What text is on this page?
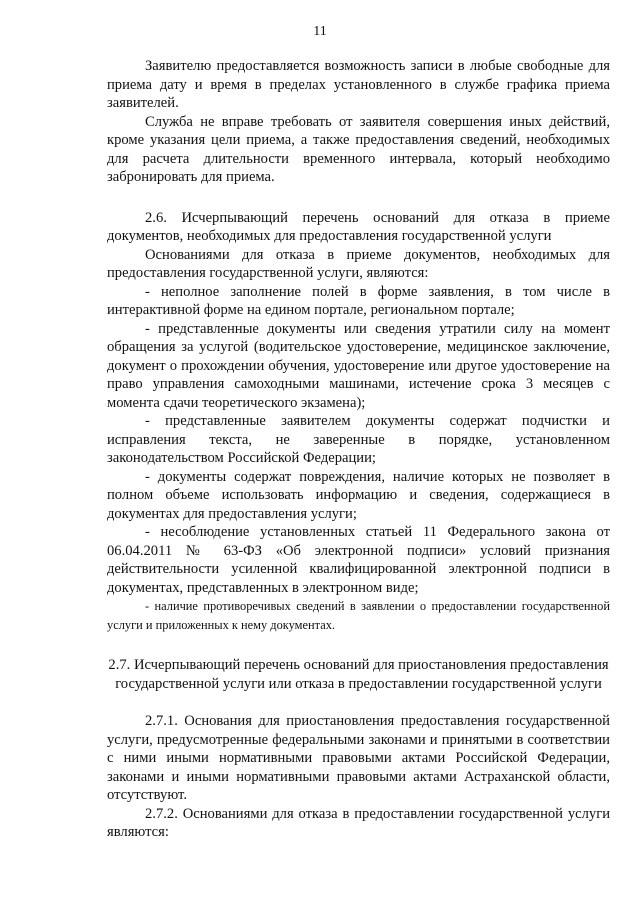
11

Заявителю предоставляется возможность записи в любые свободные для приема дату и время в пределах установленного в службе графика приема заявителей.

Служба не вправе требовать от заявителя совершения иных действий, кроме указания цели приема, а также предоставления сведений, необходимых для расчета длительности временного интервала, который необходимо забронировать для приема.

2.6. Исчерпывающий перечень оснований для отказа в приеме документов, необходимых для предоставления государственной услуги

Основаниями для отказа в приеме документов, необходимых для предоставления государственной услуги, являются:

- неполное заполнение полей в форме заявления, в том числе в интерактивной форме на едином портале, региональном портале;

- представленные документы или сведения утратили силу на момент обращения за услугой (водительское удостоверение, медицинское заключение, документ о прохождении обучения, удостоверение или другое удостоверение на право управления самоходными машинами, истечение срока 3 месяцев с момента сдачи теоретического экзамена);

- представленные заявителем документы содержат подчистки и исправления текста, не заверенные в порядке, установленном законодательством Российской Федерации;

- документы содержат повреждения, наличие которых не позволяет в полном объеме использовать информацию и сведения, содержащиеся в документах для предоставления услуги;

- несоблюдение установленных статьей 11 Федерального закона от 06.04.2011 № 63-ФЗ «Об электронной подписи» условий признания действительности усиленной квалифицированной электронной подписи в документах, представленных в электронном виде;

- наличие противоречивых сведений в заявлении о предоставлении государственной услуги и приложенных к нему документах.

2.7. Исчерпывающий перечень оснований для приостановления предоставления государственной услуги или отказа в предоставлении государственной услуги

2.7.1. Основания для приостановления предоставления государственной услуги, предусмотренные федеральными законами и принятыми в соответствии с ними иными нормативными правовыми актами Российской Федерации, законами и иными нормативными правовыми актами Астраханской области, отсутствуют.

2.7.2. Основаниями для отказа в предоставлении государственной услуги являются:
